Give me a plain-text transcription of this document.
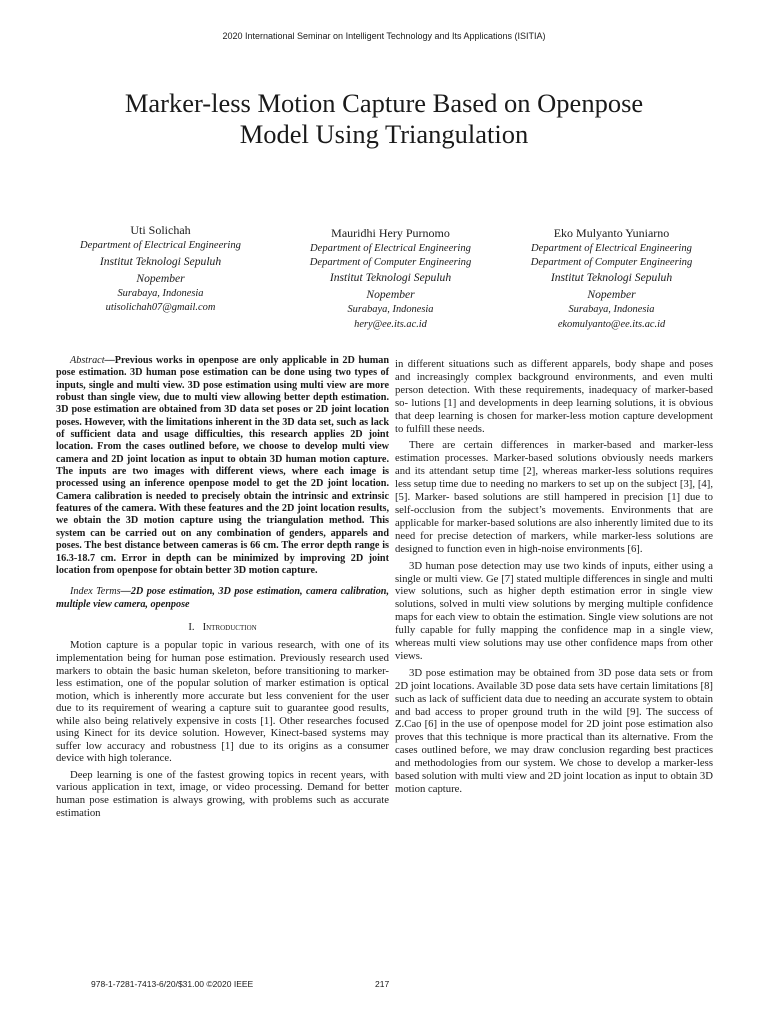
2020 International Seminar on Intelligent Technology and Its Applications (ISITIA)
Marker-less Motion Capture Based on Openpose
Model Using Triangulation
Uti Solichah
Department of Electrical Engineering
Institut Teknologi Sepuluh
Nopember
Surabaya, Indonesia
utisolichah07@gmail.com
Mauridhi Hery Purnomo
Department of Electrical Engineering
Department of Computer Engineering
Institut Teknologi Sepuluh
Nopember
Surabaya, Indonesia
hery@ee.its.ac.id
Eko Mulyanto Yuniarno
Department of Electrical Engineering
Department of Computer Engineering
Institut Teknologi Sepuluh
Nopember
Surabaya, Indonesia
ekomulyanto@ee.its.ac.id

Abstract—Previous works in openpose are only applicable in 2D human pose estimation. 3D human pose estimation can be done using two types of inputs, single and multi view. 3D pose estimation using multi view are more robust than single view, due to multi view allowing better depth estimation. 3D pose estimation are obtained from 3D data set poses or 2D joint location poses. However, with the limitations inherent in the 3D data set, such as lack of sufficient data and usage difficulties, this research applies 2D joint location. From the cases outlined before, we choose to develop multi view camera and 2D joint location as input to obtain 3D human motion capture. The inputs are two images with different views, where each image is processed using an inference openpose model to get the 2D joint location. Camera calibration is needed to precisely obtain the intrinsic and extrinsic features of the camera. With these features and the 2D joint location results, we obtain the 3D motion capture using the triangulation method. This system can be carried out on any combination of genders, apparels and poses. The best distance between cameras is 66 cm. The error depth range is 16.3-18.7 cm. Error in depth can be minimized by improving 2D joint location from openpose for obtain better 3D motion capture.

Index Terms—2D pose estimation, 3D pose estimation, camera calibration, multiple view camera, openpose

I. Introduction

Motion capture is a popular topic in various research, with one of its implementation being for human pose estimation. Previously research used markers to obtain the basic human skeleton, before transitioning to marker-less estimation, one of the popular solution of marker estimation is optical motion, which is inherently more accurate but less convenient for the user due to its requirement of wearing a capture suit to guarantee good results, while also being relatively expensive in costs [1]. Other researches focused using Kinect for its device solution. However, Kinect-based systems may suffer low accuracy and robustness [1] due to its origins as a consumer device with high tolerance.

Deep learning is one of the fastest growing topics in recent years, with various application in text, image, or video processing. Demand for better human pose estimation is always growing, with problems such as accurate estimation

in different situations such as different apparels, body shape and poses and increasingly complex background environments, and even multi person detection. With these requirements, inadequacy of marker-based so- lutions [1] and developments in deep learning solutions, it is obvious that deep learning is chosen for marker-less motion capture development to fulfill these needs.

There are certain differences in marker-based and marker-less estimation processes. Marker-based solutions obviously needs markers and its attendant setup time [2], whereas marker-less solutions requires less setup time due to needing no markers to set up on the subject [3], [4], [5]. Marker- based solutions are still hampered in precision [1] due to self-occlusion from the subject’s movements. Environments that are applicable for marker-based solutions are also inherently limited due to its need for precise detection of markers, while marker-less solutions are designed to function even in high-noise environments [6].

3D human pose detection may use two kinds of inputs, either using a single or multi view. Ge [7] stated multiple differences in single and multi view solutions, such as higher depth estimation error in single view solutions, solved in multi view solutions by merging multiple confidence maps for each view to obtain the estimation. Single view solutions are not fully capable for fully mapping the confidence map in a single view, whereas multi view solutions may use other confidence maps from other views.

3D pose estimation may be obtained from 3D pose data sets or from 2D joint locations. Available 3D pose data sets have certain limitations [8] such as lack of sufficient data due to needing an accurate system to obtain and bad access to proper ground truth in the wild [9]. The success of Z.Cao [6] in the use of openpose model for 2D joint pose estimation also proves that this technique is more practical than its alternative. From the cases outlined before, we may draw conclusion regarding best practices and methodologies from our system. We chose to develop a marker-less based solution with multi view and 2D joint location as input to obtain 3D motion capture.

978-1-7281-7413-6/20/$31.00 ©2020 IEEE	217
